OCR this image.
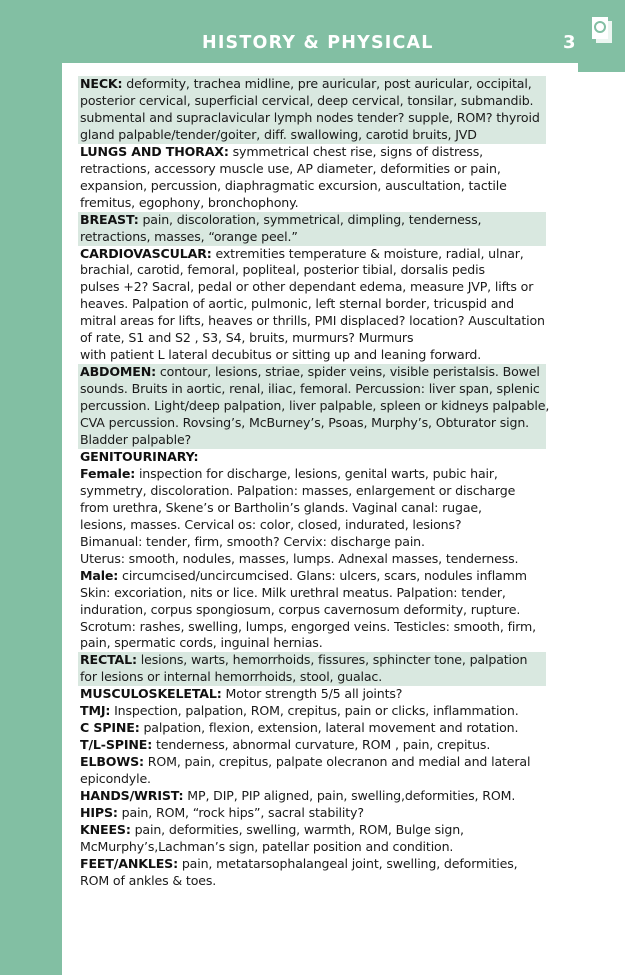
HISTORY & PHYSICAL	3
NECK: deformity, trachea midline, pre auricular, post auricular, occipital,
posterior cervical, superficial cervical, deep cervical, tonsilar, submandib.
submental and supraclavicular lymph nodes tender? supple, ROM? thyroid
gland palpable/tender/goiter, diff. swallowing, carotid bruits, JVD
LUNGS AND THORAX: symmetrical chest rise, signs of distress,
retractions, accessory muscle use, AP diameter, deformities or pain,
expansion, percussion, diaphragmatic excursion, auscultation, tactile
fremitus, egophony, bronchophony.
BREAST: pain, discoloration, symmetrical, dimpling, tenderness,
retractions, masses, “orange peel.”
CARDIOVASCULAR: extremities temperature & moisture, radial, ulnar,
brachial, carotid, femoral, popliteal, posterior tibial, dorsalis pedis
pulses +2? Sacral, pedal or other dependant edema, measure JVP, lifts or
heaves. Palpation of aortic, pulmonic, left sternal border, tricuspid and
mitral areas for lifts, heaves or thrills, PMI displaced? location? Auscultation
of rate, S1 and S2 , S3, S4, bruits, murmurs? Murmurs
with patient L lateral decubitus or sitting up and leaning forward.
ABDOMEN: contour, lesions, striae, spider veins, visible peristalsis. Bowel
sounds. Bruits in aortic, renal, iliac, femoral. Percussion: liver span, splenic
percussion. Light/deep palpation, liver palpable, spleen or kidneys palpable,
CVA percussion. Rovsing’s, McBurney’s, Psoas, Murphy’s, Obturator sign.
Bladder palpable?
GENITOURINARY:
Female: inspection for discharge, lesions, genital warts, pubic hair,
symmetry, discoloration. Palpation: masses, enlargement or discharge
from urethra, Skene’s or Bartholin’s glands. Vaginal canal: rugae,
lesions, masses. Cervical os: color, closed, indurated, lesions?
Bimanual: tender, firm, smooth? Cervix: discharge pain.
Uterus: smooth, nodules, masses, lumps. Adnexal masses, tenderness.
Male: circumcised/uncircumcised. Glans: ulcers, scars, nodules inflamm
Skin: excoriation, nits or lice. Milk urethral meatus. Palpation: tender,
induration, corpus spongiosum, corpus cavernosum deformity, rupture.
Scrotum: rashes, swelling, lumps, engorged veins. Testicles: smooth, firm,
pain, spermatic cords, inguinal hernias.
RECTAL: lesions, warts, hemorrhoids, fissures, sphincter tone, palpation
for lesions or internal hemorrhoids, stool, gualac.
MUSCULOSKELETAL: Motor strength 5/5 all joints?
TMJ: Inspection, palpation, ROM, crepitus, pain or clicks, inflammation.
C SPINE: palpation, flexion, extension, lateral movement and rotation.
T/L-SPINE: tenderness, abnormal curvature, ROM , pain, crepitus.
ELBOWS: ROM, pain, crepitus, palpate olecranon and medial and lateral
epicondyle.
HANDS/WRIST: MP, DIP, PIP aligned, pain, swelling,deformities, ROM.
HIPS: pain, ROM, “rock hips”, sacral stability?
KNEES: pain, deformities, swelling, warmth, ROM, Bulge sign,
McMurphy’s,Lachman’s sign, patellar position and condition.
FEET/ANKLES: pain, metatarsophalangeal joint, swelling, deformities,
ROM of ankles & toes.
